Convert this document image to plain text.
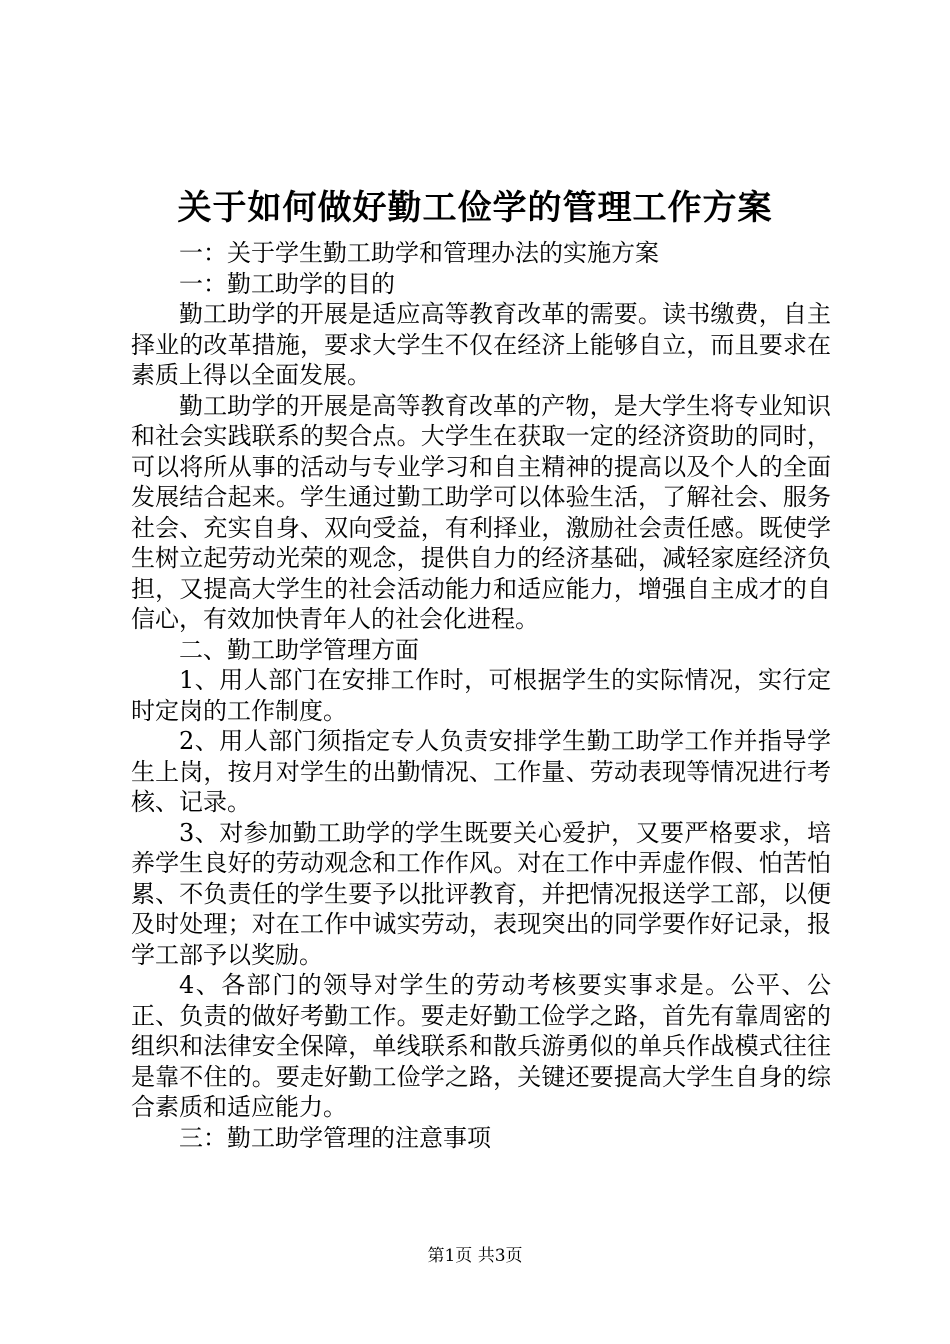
关于如何做好勤工俭学的管理工作方案

一：关于学生勤工助学和管理办法的实施方案

一：勤工助学的目的

勤工助学的开展是适应高等教育改革的需要。读书缴费，自主择业的改革措施，要求大学生不仅在经济上能够自立，而且要求在素质上得以全面发展。

勤工助学的开展是高等教育改革的产物，是大学生将专业知识和社会实践联系的契合点。大学生在获取一定的经济资助的同时，可以将所从事的活动与专业学习和自主精神的提高以及个人的全面发展结合起来。学生通过勤工助学可以体验生活，了解社会、服务社会、充实自身、双向受益，有利择业，激励社会责任感。既使学生树立起劳动光荣的观念，提供自力的经济基础，减轻家庭经济负担，又提高大学生的社会活动能力和适应能力，增强自主成才的自信心，有效加快青年人的社会化进程。

二、勤工助学管理方面

1、用人部门在安排工作时，可根据学生的实际情况，实行定时定岗的工作制度。

2、用人部门须指定专人负责安排学生勤工助学工作并指导学生上岗，按月对学生的出勤情况、工作量、劳动表现等情况进行考核、记录。

3、对参加勤工助学的学生既要关心爱护，又要严格要求，培养学生良好的劳动观念和工作作风。对在工作中弄虚作假、怕苦怕累、不负责任的学生要予以批评教育，并把情况报送学工部，以便及时处理；对在工作中诚实劳动，表现突出的同学要作好记录，报学工部予以奖励。

4、各部门的领导对学生的劳动考核要实事求是。公平、公正、负责的做好考勤工作。要走好勤工俭学之路，首先有靠周密的组织和法律安全保障，单线联系和散兵游勇似的单兵作战模式往往是靠不住的。要走好勤工俭学之路，关键还要提高大学生自身的综合素质和适应能力。

三：勤工助学管理的注意事项

第1页 共3页
